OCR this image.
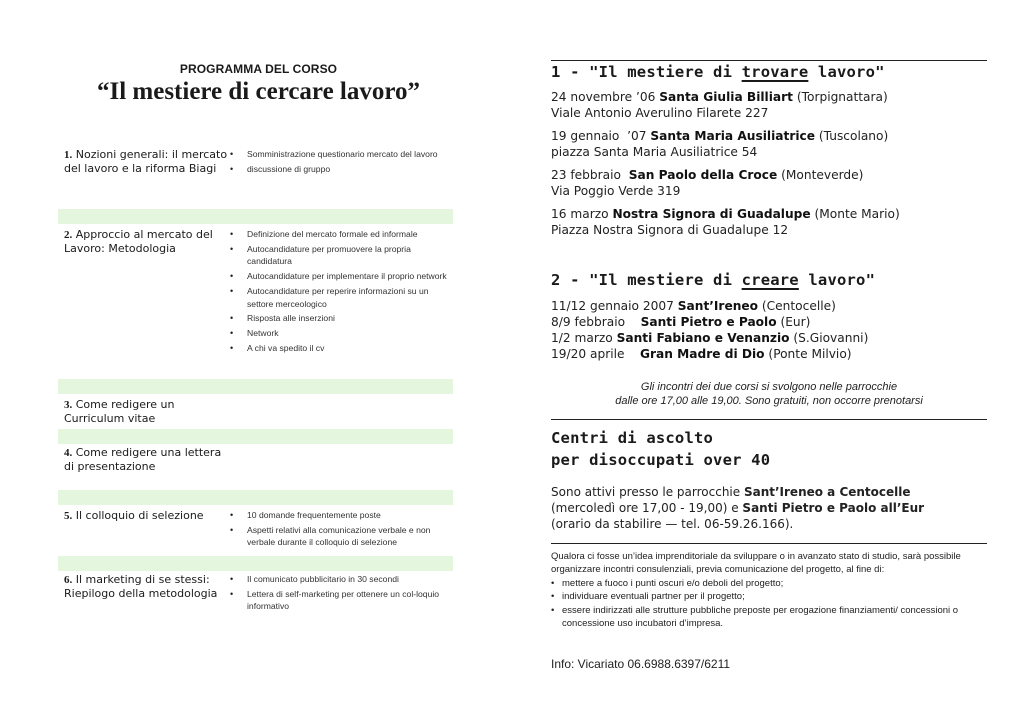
PROGRAMMA DEL CORSO
“Il mestiere di cercare lavoro”
1. Nozioni generali: il mercato del lavoro e la riforma Biagi
• Somministrazione questionario mercato del lavoro
• discussione di gruppo
2. Approccio al mercato del Lavoro: Metodologia
• Definizione del mercato formale ed informale
• Autocandidature per promuovere la propria candidatura
• Autocandidature per implementare il proprio network
• Autocandidature per reperire informazioni su un settore merceologico
• Risposta alle inserzioni
• Network
• A chi va spedito il cv
3. Come redigere un Curriculum vitae
4. Come redigere una lettera di presentazione
5. Il colloquio di selezione
•	10 domande frequentemente poste
• Aspetti relativi alla comunicazione verbale e non verbale durante il colloquio di selezione
6. Il marketing di se stessi: Riepilogo della metodologia
• Il comunicato pubblicitario in 30 secondi
• Lettera di self-marketing per ottenere un col-loquio informativo
1 - "Il mestiere di trovare lavoro"
24 novembre ’06 Santa Giulia Billiart (Torpignattara)
Viale Antonio Averulino Filarete 227
19 gennaio  ’07 Santa Maria Ausiliatrice (Tuscolano)
piazza Santa Maria Ausiliatrice 54
23 febbraio  San Paolo della Croce (Monteverde)
Via Poggio Verde 319
16 marzo Nostra Signora di Guadalupe (Monte Mario)
Piazza Nostra Signora di Guadalupe 12
2 - "Il mestiere di creare lavoro"
11/12 gennaio 2007 Sant’Ireneo (Centocelle)
8/9 febbraio    Santi Pietro e Paolo (Eur)
1/2 marzo Santi Fabiano e Venanzio (S.Giovanni)
19/20 aprile    Gran Madre di Dio (Ponte Milvio)
Gli incontri dei due corsi si svolgono nelle parrocchie
dalle ore 17,00 alle 19,00. Sono gratuiti, non occorre prenotarsi
Centri di ascolto
per disoccupati over 40
Sono attivi presso le parrocchie Sant’Ireneo a Centocelle
(mercoledì ore 17,00 - 19,00) e Santi Pietro e Paolo all’Eur
(orario da stabilire — tel. 06-59.26.166).
Qualora ci fosse un’idea imprenditoriale da sviluppare o in avanzato stato di studio, sarà possibile organizzare incontri consulenziali, previa comunicazione del progetto, al fine di:
• mettere a fuoco i punti oscuri e/o deboli del progetto;
• individuare eventuali partner per il progetto;
• essere indirizzati alle strutture pubbliche preposte per erogazione finanziamenti/ concessioni o concessione uso incubatori d’impresa.
Info: Vicariato 06.6988.6397/6211
